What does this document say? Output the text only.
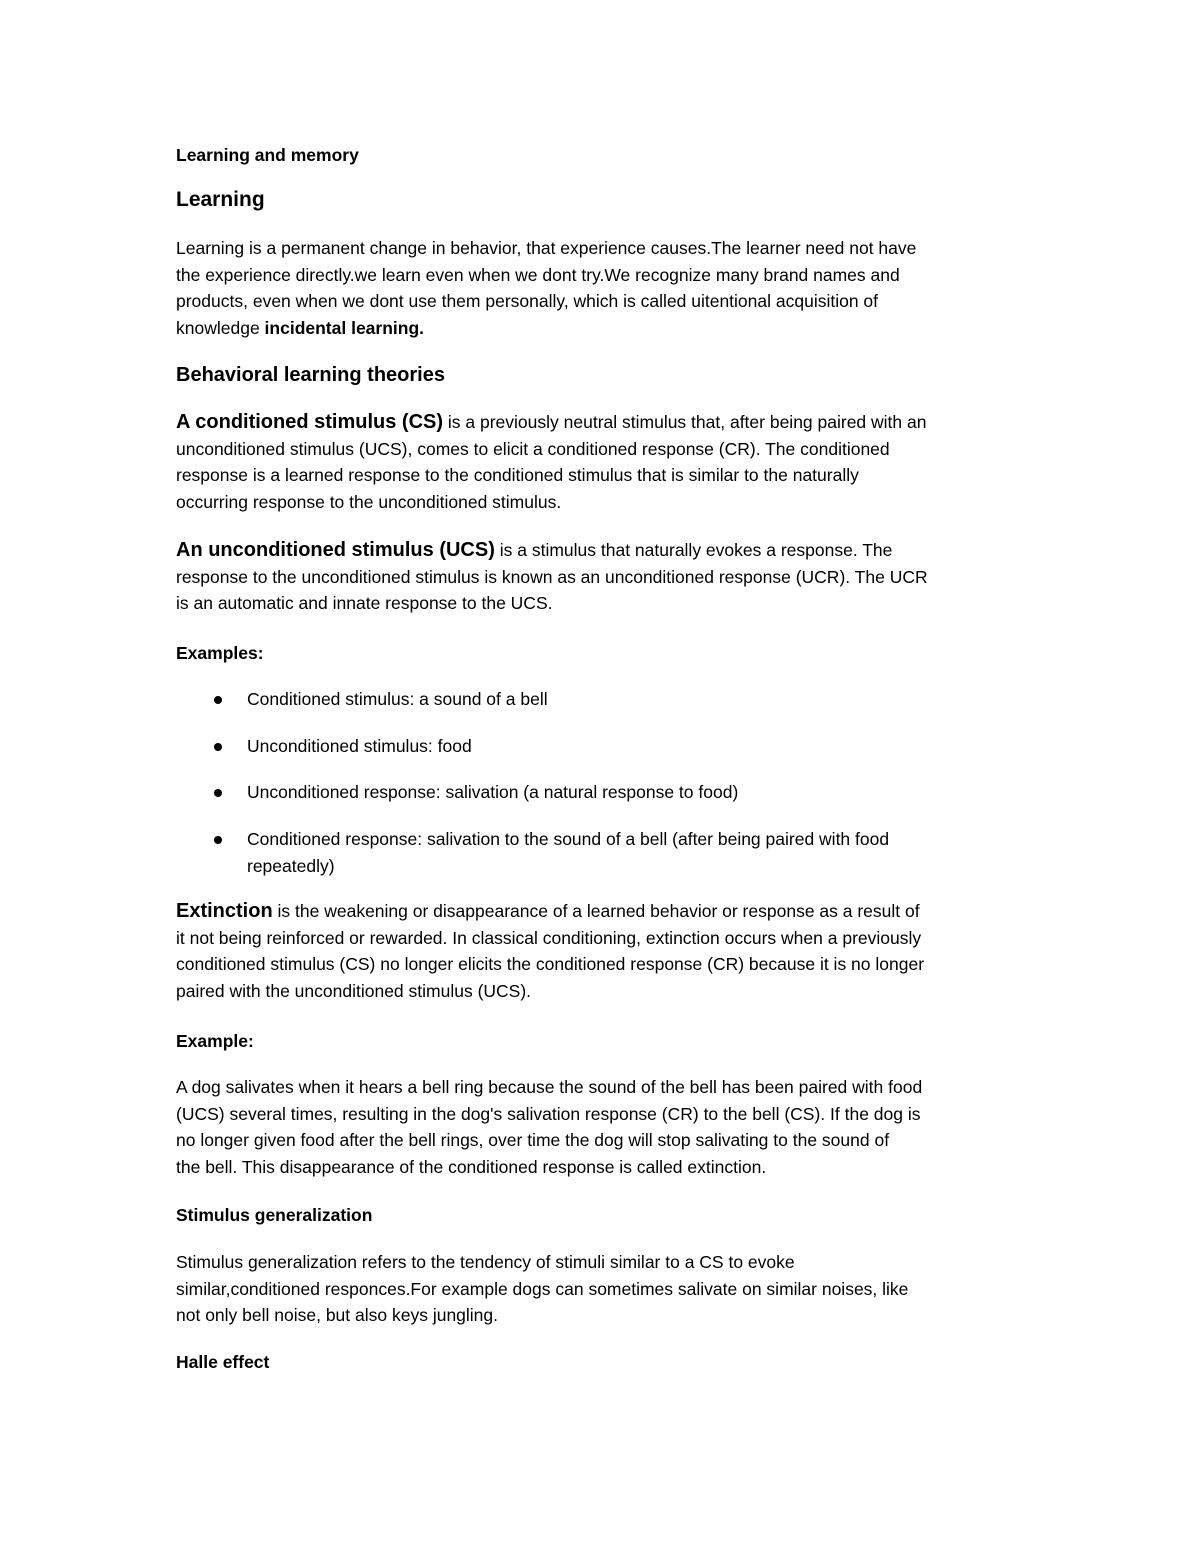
Learning and memory
Learning
Learning is a permanent change in behavior, that experience causes.The learner need not have
the experience directly.we learn even when we dont try.We recognize many brand names and
products, even when we dont use them personally, which is called uitentional acquisition of
knowledge incidental learning.
Behavioral learning theories
A conditioned stimulus (CS) is a previously neutral stimulus that, after being paired with an
unconditioned stimulus (UCS), comes to elicit a conditioned response (CR). The conditioned
response is a learned response to the conditioned stimulus that is similar to the naturally
occurring response to the unconditioned stimulus.
An unconditioned stimulus (UCS) is a stimulus that naturally evokes a response. The
response to the unconditioned stimulus is known as an unconditioned response (UCR). The UCR
is an automatic and innate response to the UCS.
Examples:
Conditioned stimulus: a sound of a bell
Unconditioned stimulus: food
Unconditioned response: salivation (a natural response to food)
Conditioned response: salivation to the sound of a bell (after being paired with food
repeatedly)
Extinction is the weakening or disappearance of a learned behavior or response as a result of
it not being reinforced or rewarded. In classical conditioning, extinction occurs when a previously
conditioned stimulus (CS) no longer elicits the conditioned response (CR) because it is no longer
paired with the unconditioned stimulus (UCS).
Example:
A dog salivates when it hears a bell ring because the sound of the bell has been paired with food
(UCS) several times, resulting in the dog's salivation response (CR) to the bell (CS). If the dog is
no longer given food after the bell rings, over time the dog will stop salivating to the sound of
the bell. This disappearance of the conditioned response is called extinction.
Stimulus generalization
Stimulus generalization refers to the tendency of stimuli similar to a CS to evoke
similar,conditioned responces.For example dogs can sometimes salivate on similar noises, like
not only bell noise, but also keys jungling.
Halle effect
